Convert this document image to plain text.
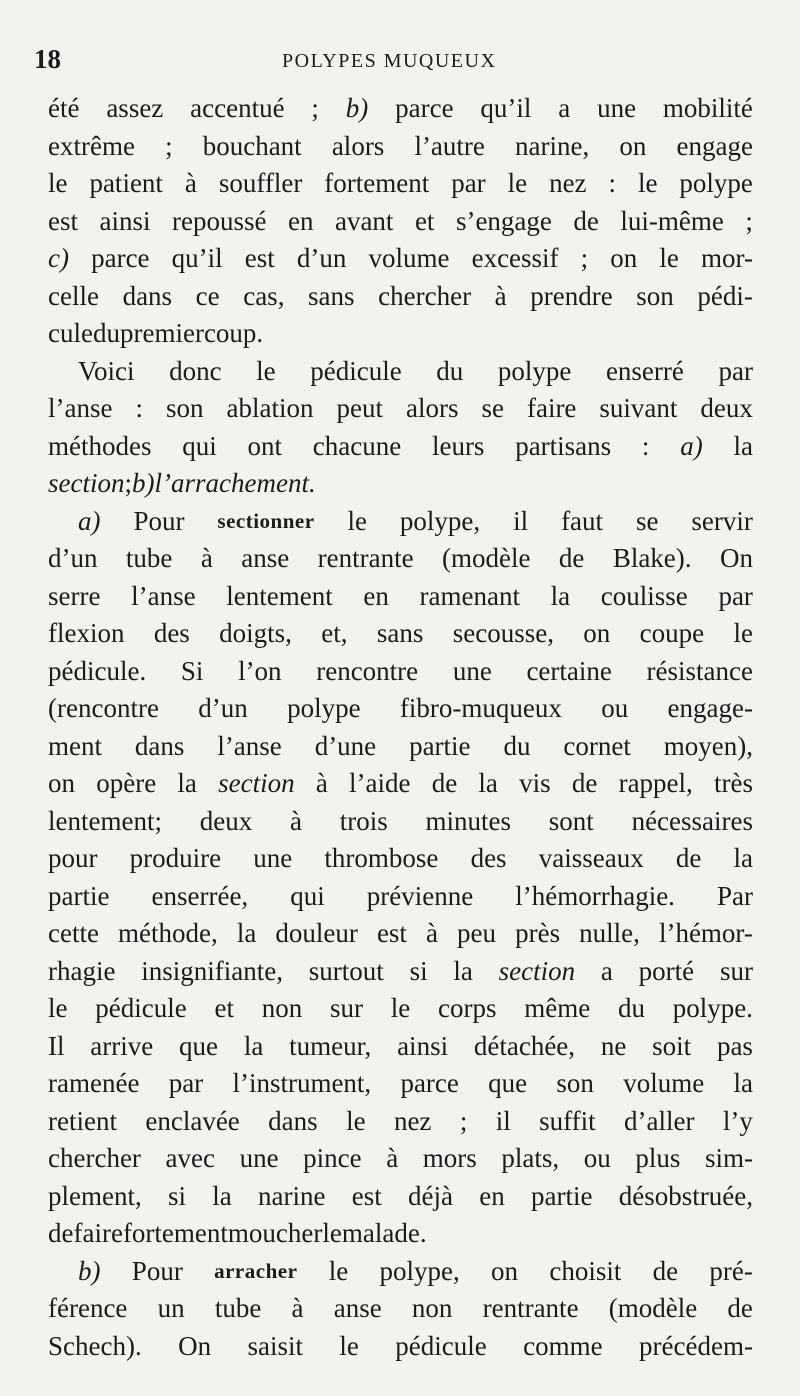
18	POLYPES MUQUEUX
été assez accentué ; b) parce qu’il a une mobilité
extrême ; bouchant alors l’autre narine, on engage
le patient à souffler fortement par le nez : le polype
est ainsi repoussé en avant et s’engage de lui-même ;
c) parce qu’il est d’un volume excessif ; on le mor-
celle dans ce cas, sans chercher à prendre son pédi-
cule du premier coup.
Voici donc le pédicule du polype enserré par
l’anse : son ablation peut alors se faire suivant deux
méthodes qui ont chacune leurs partisans : a) la
section ; b) l’arrachement.
a) Pour sectionner le polype, il faut se servir
d’un tube à anse rentrante (modèle de Blake). On
serre l’anse lentement en ramenant la coulisse par
flexion des doigts, et, sans secousse, on coupe le
pédicule. Si l’on rencontre une certaine résistance
(rencontre d’un polype fibro-muqueux ou engage-
ment dans l’anse d’une partie du cornet moyen),
on opère la section à l’aide de la vis de rappel, très
lentement; deux à trois minutes sont nécessaires
pour produire une thrombose des vaisseaux de la
partie enserrée, qui prévienne l’hémorrhagie. Par
cette méthode, la douleur est à peu près nulle, l’hémor-
rhagie insignifiante, surtout si la section a porté sur
le pédicule et non sur le corps même du polype.
Il arrive que la tumeur, ainsi détachée, ne soit pas
ramenée par l’instrument, parce que son volume la
retient enclavée dans le nez ; il suffit d’aller l’y
chercher avec une pince à mors plats, ou plus sim-
plement, si la narine est déjà en partie désobstruée,
de faire fortement moucher le malade.
b) Pour arracher le polype, on choisit de pré-
férence un tube à anse non rentrante (modèle de
Schech). On saisit le pédicule comme précédem-
